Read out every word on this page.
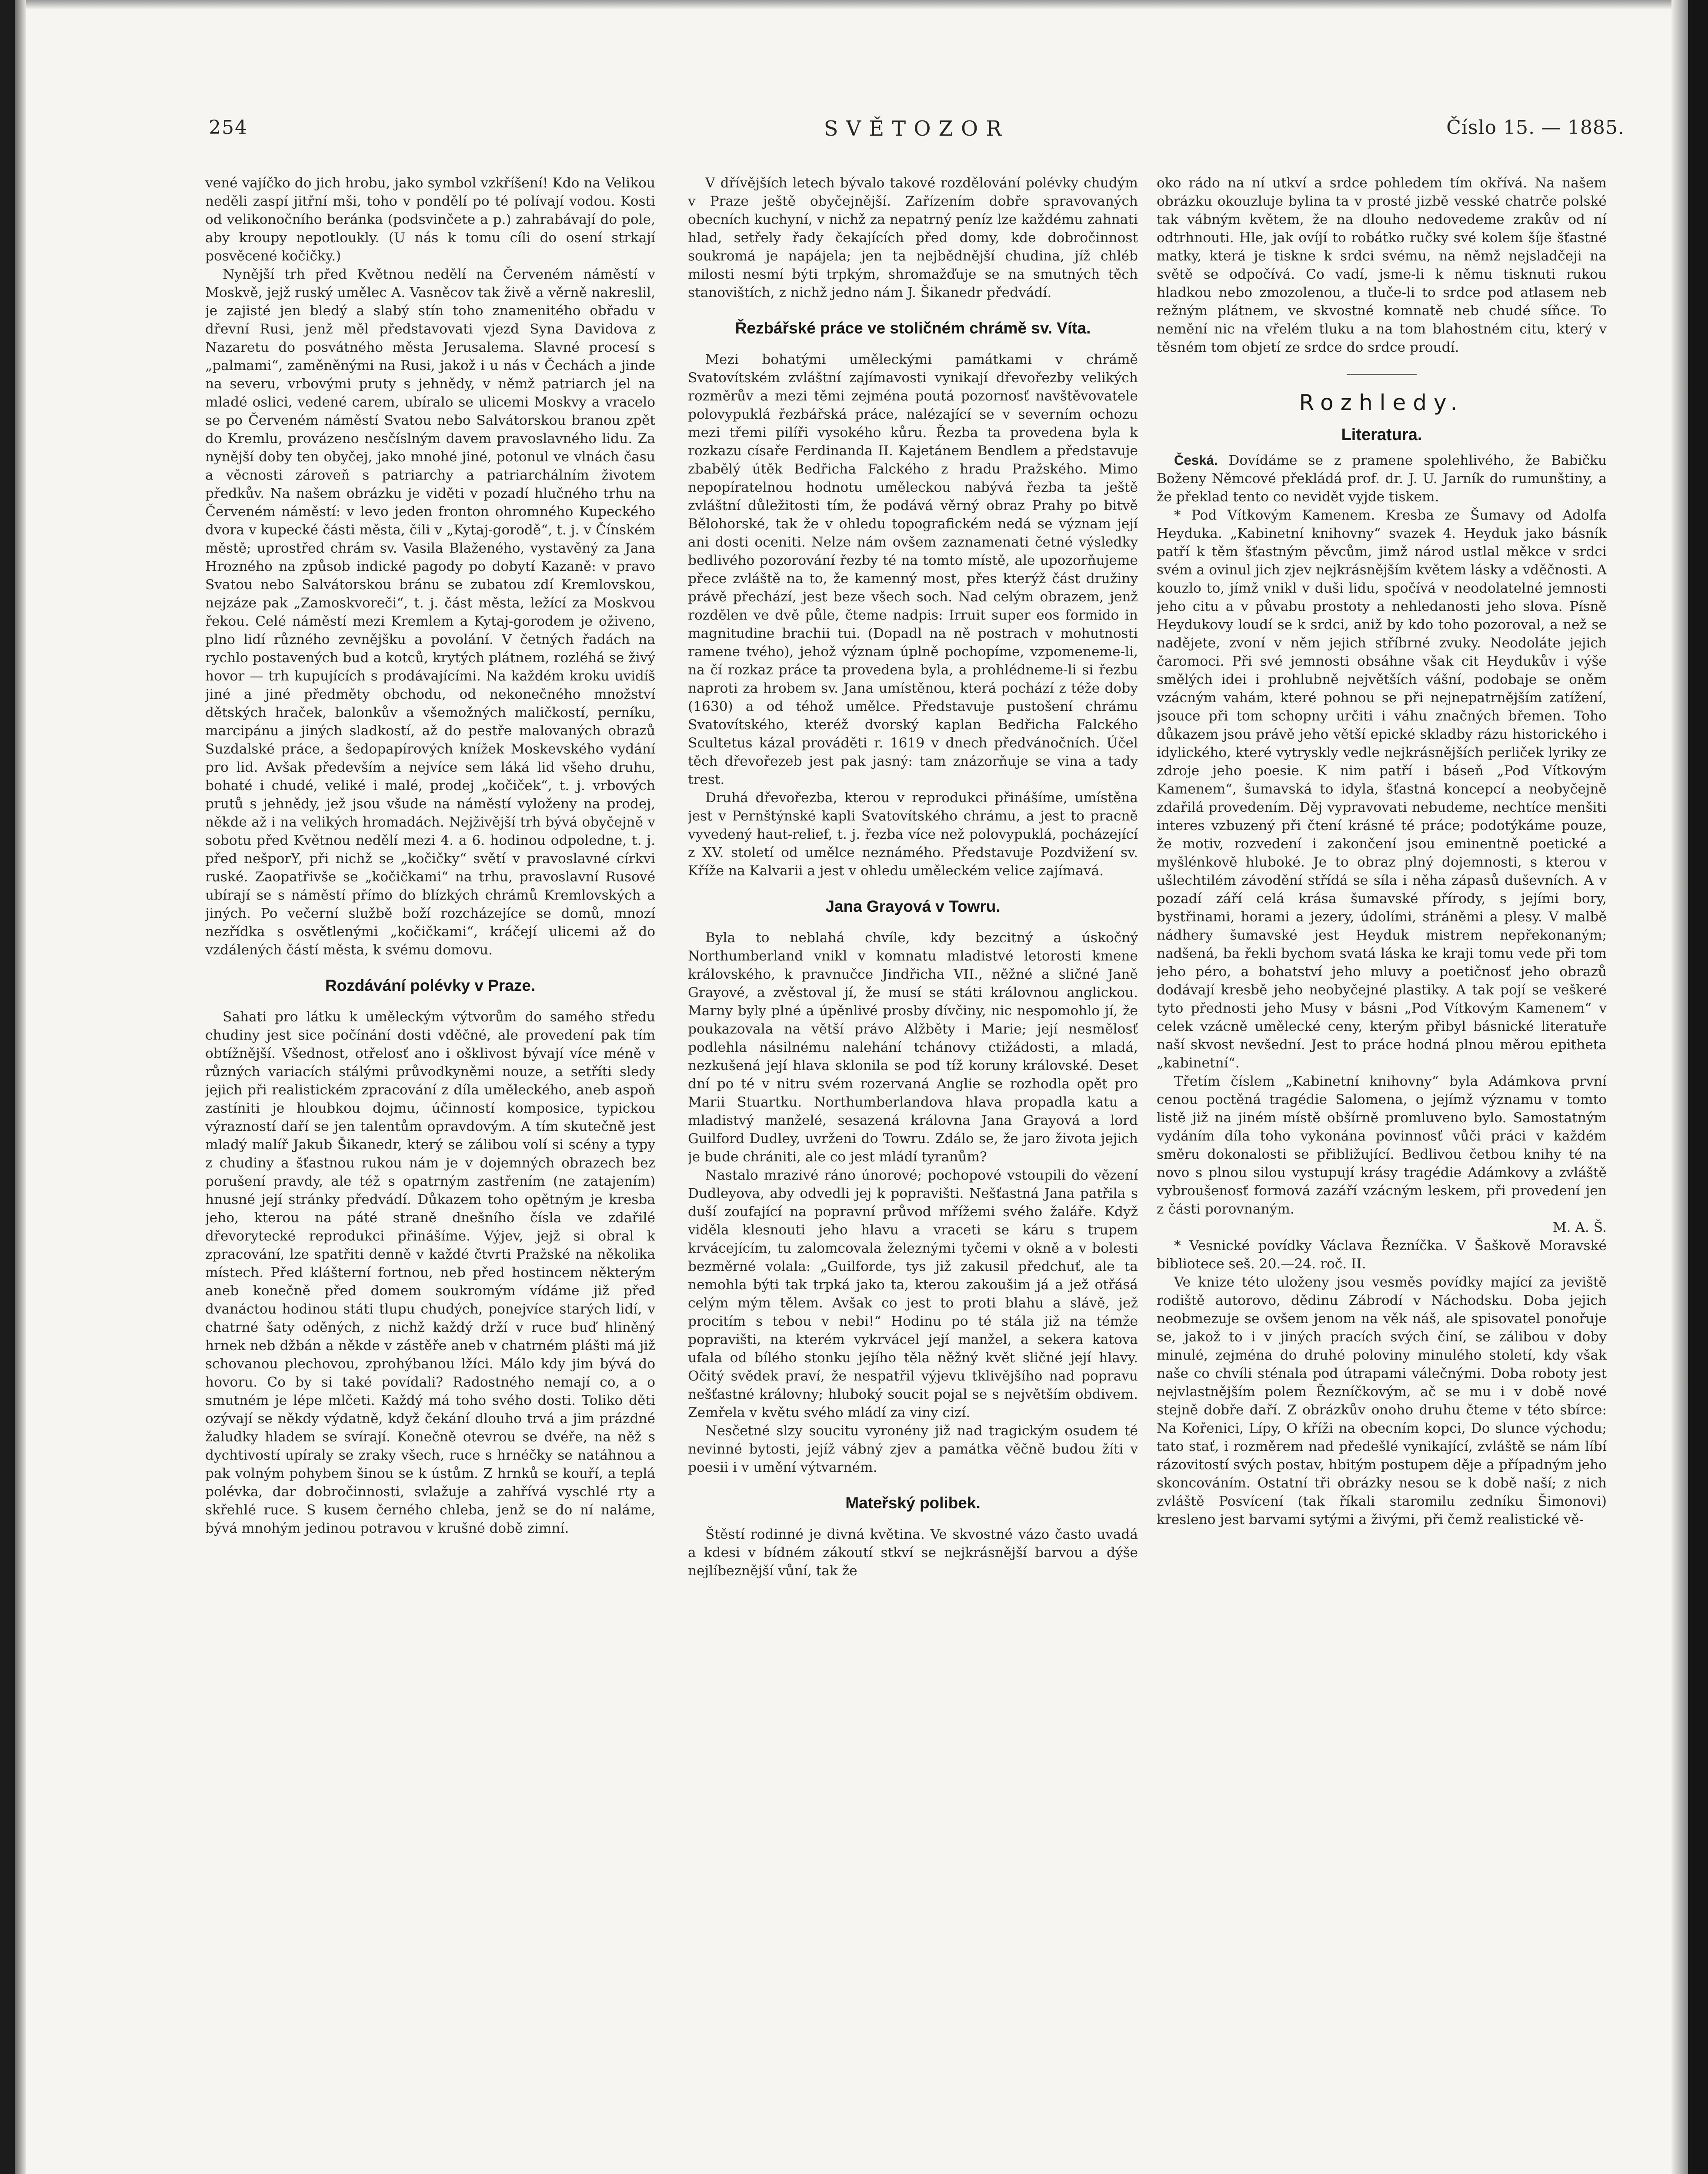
254	SVĚTOZOR	Číslo 15. — 1885.

vené vajíčko do jich hrobu, jako symbol vzkříšení! Kdo na Velikou neděli zaspí jitřní mši, toho v pondělí po té polívají vodou. Kosti od velikonočního beránka (podsvinčete a p.) zahrabávají do pole, aby kroupy nepotloukly. (U nás k tomu cíli do osení strkají posvěcené kočičky.)

Nynější trh před Květnou nedělí na Červeném náměstí v Moskvě, jejž ruský umělec A. Vasněcov tak živě a věrně nakreslil, je zajisté jen bledý a slabý stín toho znamenitého obřadu v dřevní Rusi, jenž měl představovati vjezd Syna Davidova z Nazaretu do posvátného města Jerusalema. Slavné procesí s „palmami“, zaměněnými na Rusi, jakož i u nás v Čechách a jinde na severu, vrbovými pruty s jehnědy, v němž patriarch jel na mladé oslici, vedené carem, ubíralo se ulicemi Moskvy a vracelo se po Červeném náměstí Svatou nebo Salvátorskou branou zpět do Kremlu, provázeno nesčíslným davem pravoslavného lidu. Za nynější doby ten obyčej, jako mnohé jiné, potonul ve vlnách času a věcnosti zároveň s patriarchy a patriarchálním životem předkův. Na našem obrázku je viděti v pozadí hlučného trhu na Červeném náměstí: v levo jeden fronton ohromného Kupeckého dvora v kupecké části města, čili v „Kytaj-gorodě“, t. j. v Čínském městě; uprostřed chrám sv. Vasila Blaženého, vystavěný za Jana Hrozného na způsob indické pagody po dobytí Kazaně: v pravo Svatou nebo Salvátorskou bránu se zubatou zdí Kremlovskou, nejzáze pak „Zamoskvoreči“, t. j. část města, ležící za Moskvou řekou. Celé náměstí mezi Kremlem a Kytaj-gorodem je oživeno, plno lidí různého zevnějšku a povolání. V četných řadách na rychlo postavených bud a kotců, krytých plátnem, rozléhá se živý hovor — trh kupujících s prodávajícími. Na každém kroku uvidíš jiné a jiné předměty obchodu, od nekonečného množství dětských hraček, balonkův a všemožných maličkostí, perníku, marcipánu a jiných sladkostí, až do pestře malovaných obrazů Suzdalské práce, a šedopapírových knížek Moskevského vydání pro lid. Avšak především a nejvíce sem láká lid všeho druhu, bohaté i chudé, veliké i malé, prodej „kočiček“, t. j. vrbových prutů s jehnědy, jež jsou všude na náměstí vyloženy na prodej, někde až i na velikých hromadách. Nejživější trh bývá obyčejně v sobotu před Květnou nedělí mezi 4. a 6. hodinou odpoledne, t. j. před nešporY, při nichž se „kočičky“ světí v pravoslavné církvi ruské. Zaopatřivše se „kočičkami“ na trhu, pravoslavní Rusové ubírají se s náměstí přímo do blízkých chrámů Kremlovských a jiných. Po večerní službě boží rozcházejíce se domů, mnozí nezřídka s osvětlenými „kočičkami“, kráčejí ulicemi až do vzdálených částí města, k svému domovu.

Rozdávání polévky v Praze.

Sahati pro látku k uměleckým výtvorům do samého středu chudiny jest sice počínání dosti vděčné, ale provedení pak tím obtížnější. Všednost, otřelosť ano i ošklivost bývají více méně v různých variacích stálými průvodkyněmi nouze, a setříti sledy jejich při realistickém zpracování z díla uměleckého, aneb aspoň zastíniti je hloubkou dojmu, účinností komposice, typickou výrazností daří se jen talentům opravdovým. A tím skutečně jest mladý malíř Jakub Šikanedr, který se zálibou volí si scény a typy z chudiny a šťastnou rukou nám je v dojemných obrazech bez porušení pravdy, ale též s opatrným zastřením (ne zatajením) hnusné její stránky předvádí. Důkazem toho opětným je kresba jeho, kterou na páté straně dnešního čísla ve zdařilé dřevorytecké reprodukci přinášíme. Výjev, jejž si obral k zpracování, lze spatřiti denně v každé čtvrti Pražské na několika místech. Před klášterní fortnou, neb před hostincem některým aneb konečně před domem soukromým vídáme již před dvanáctou hodinou státi tlupu chudých, ponejvíce starých lidí, v chatrné šaty oděných, z nichž každý drží v ruce buď hliněný hrnek neb džbán a někde v zástěře aneb v chatrném plášti má již schovanou plechovou, zprohýbanou lžíci. Málo kdy jim bývá do hovoru. Co by si také povídali? Radostného nemají co, a o smutném je lépe mlčeti. Každý má toho svého dosti. Toliko děti ozývají se někdy výdatně, když čekání dlouho trvá a jim prázdné žaludky hladem se svírají. Konečně otevrou se dvéře, na něž s dychtivostí upíraly se zraky všech, ruce s hrnéčky se natáhnou a pak volným pohybem šinou se k ústům. Z hrnků se kouří, a teplá polévka, dar dobročinnosti, svlažuje a zahřívá vyschlé rty a skřehlé ruce. S kusem černého chleba, jenž se do ní naláme, bývá mnohým jedinou potravou v krušné době zimní.

V dřívějších letech bývalo takové rozdělování polévky chudým v Praze ještě obyčejnější. Zařízením dobře spravovaných obecních kuchyní, v nichž za nepatrný peníz lze každému zahnati hlad, setřely řady čekajících před domy, kde dobročinnost soukromá je napájela; jen ta nejbědnější chudina, jíž chléb milosti nesmí býti trpkým, shromažďuje se na smutných těch stanovištích, z nichž jedno nám J. Šikanedr předvádí.

Řezbářské práce ve stoličném chrámě sv. Víta.

Mezi bohatými uměleckými památkami v chrámě Svatovítském zvláštní zajímavosti vynikají dřevořezby velikých rozměrův a mezi těmi zejména poutá pozornosť navštěvovatele polovypuklá řezbářská práce, nalézající se v severním ochozu mezi třemi pilíři vysokého kůru. Řezba ta provedena byla k rozkazu císaře Ferdinanda II. Kajetánem Bendlem a představuje zbabělý útěk Bedřicha Falckého z hradu Pražského. Mimo nepopíratelnou hodnotu uměleckou nabývá řezba ta ještě zvláštní důležitosti tím, že podává věrný obraz Prahy po bitvě Bělohorské, tak že v ohledu topografickém nedá se význam její ani dosti oceniti. Nelze nám ovšem zaznamenati četné výsledky bedlivého pozorování řezby té na tomto místě, ale upozorňujeme přece zvláště na to, že kamenný most, přes kterýž část družiny právě přechází, jest beze všech soch. Nad celým obrazem, jenž rozdělen ve dvě půle, čteme nadpis: Irruit super eos formido in magnitudine brachii tui. (Dopadl na ně postrach v mohutnosti ramene tvého), jehož význam úplně pochopíme, vzpomeneme-li, na čí rozkaz práce ta provedena byla, a prohlédneme-li si řezbu naproti za hrobem sv. Jana umístěnou, která pochází z téže doby (1630) a od téhož umělce. Představuje pustošení chrámu Svatovítského, kteréž dvorský kaplan Bedřicha Falckého Scultetus kázal prováděti r. 1619 v dnech předvánočních. Účel těch dřevořezeb jest pak jasný: tam znázorňuje se vina a tady trest.

Druhá dřevořezba, kterou v reprodukci přinášíme, umístěna jest v Pernštýnské kapli Svatovítského chrámu, a jest to pracně vyvedený haut-relief, t. j. řezba více než polovypuklá, pocházející z XV. století od umělce neznámého. Představuje Pozdvižení sv. Kříže na Kalvarii a jest v ohledu uměleckém velice zajímavá.

Jana Grayová v Towru.

Byla to neblahá chvíle, kdy bezcitný a úskočný Northumberland vnikl v komnatu mladistvé letorosti kmene královského, k pravnučce Jindřicha VII., něžné a sličné Janě Grayové, a zvěstoval jí, že musí se státi královnou anglickou. Marny byly plné a úpěnlivé prosby dívčiny, nic nespomohlo jí, že poukazovala na větší právo Alžběty i Marie; její nesmělosť podlehla násilnému nalehání tchánovy ctižádosti, a mladá, nezkušená její hlava sklonila se pod tíž koruny královské. Deset dní po té v nitru svém rozervaná Anglie se rozhodla opět pro Marii Stuartku. Northumberlandova hlava propadla katu a mladistvý manželé, sesazená královna Jana Grayová a lord Guilford Dudley, uvrženi do Towru. Zdálo se, že jaro života jejich je bude chrániti, ale co jest mládí tyranům?

Nastalo mrazivé ráno únorové; pochopové vstoupili do vězení Dudleyova, aby odvedli jej k popravišti. Nešťastná Jana patřila s duší zoufající na popravní průvod mřížemi svého žaláře. Když viděla klesnouti jeho hlavu a vraceti se káru s trupem krvácejícím, tu zalomcovala železnými tyčemi v okně a v bolesti bezměrné volala: „Guilforde, tys již zakusil předchuť, ale ta nemohla býti tak trpká jako ta, kterou zakoušim já a jež otřásá celým mým tělem. Avšak co jest to proti blahu a slávě, jež procitím s tebou v nebi!“ Hodinu po té stála již na témže popravišti, na kterém vykrvácel její manžel, a sekera katova ufala od bílého stonku jejího těla něžný květ sličné její hlavy. Očitý svědek praví, že nespatřil výjevu tklivějšího nad popravu nešťastné královny; hluboký soucit pojal se s největším obdivem. Zemřela v květu svého mládí za viny cizí.

Nesčetné slzy soucitu vyronény již nad tragickým osudem té nevinné bytosti, jejíž vábný zjev a památka věčně budou žíti v poesii i v umění výtvarném.

Mateřský polibek.

Štěstí rodinné je divná květina. Ve skvostné vázo často uvadá a kdesi v bídném zákoutí stkví se nejkrásnější barvou a dýše nejlíbeznější vůní, tak že

oko rádo na ní utkví a srdce pohledem tím okřívá. Na našem obrázku okouzluje bylina ta v prosté jizbě vesské chatrče polské tak vábným květem, že na dlouho nedovedeme zrakův od ní odtrhnouti. Hle, jak ovíjí to robátko ručky své kolem šíje šťastné matky, která je tiskne k srdci svému, na němž nejsladčeji na světě se odpočívá. Co vadí, jsme-li k němu tisknuti rukou hladkou nebo zmozolenou, a tluče-li to srdce pod atlasem neb režným plátnem, ve skvostné komnatě neb chudé síňce. To nemění nic na vřelém tluku a na tom blahostném citu, který v těsném tom objetí ze srdce do srdce proudí.

Rozhledy.
Literatura.

Česká. Dovídáme se z pramene spolehlivého, že Babičku Boženy Němcové překládá prof. dr. J. U. Jarník do rumunštiny, a že překlad tento co nevidět vyjde tiskem.

* Pod Vítkovým Kamenem. Kresba ze Šumavy od Adolfa Heyduka. „Kabinetní knihovny“ svazek 4. Heyduk jako básník patří k těm šťastným pěvcům, jimž národ ustlal měkce v srdci svém a ovinul jich zjev nejkrásnějším květem lásky a vděčnosti. A kouzlo to, jímž vnikl v duši lidu, spočívá v neodolatelné jemnosti jeho citu a v půvabu prostoty a nehledanosti jeho slova. Písně Heydukovy loudí se k srdci, aniž by kdo toho pozoroval, a než se nadějete, zvoní v něm jejich stříbrné zvuky. Neodoláte jejich čaromoci. Při své jemnosti obsáhne však cit Heydukův i výše smělých idei i prohlubně největších vášní, podobaje se oněm vzácným vahám, které pohnou se při nejnepatrnějším zatížení, jsouce při tom schopny určiti i váhu značných břemen. Toho důkazem jsou právě jeho větší epické skladby rázu historického i idylického, které vytryskly vedle nejkrásnějších perliček lyriky ze zdroje jeho poesie. K nim patří i báseň „Pod Vítkovým Kamenem“, šumavská to idyla, šťastná koncepcí a neobyčejně zdařilá provedením. Děj vypravovati nebudeme, nechtíce menšiti interes vzbuzený při čtení krásné té práce; podotýkáme pouze, že motiv, rozvedení i zakončení jsou eminentně poetické a myšlénkově hluboké. Je to obraz plný dojemnosti, s kterou v ušlechtilém závodění střídá se síla i něha zápasů duševních. A v pozadí září celá krása šumavské přírody, s jejími bory, bystřinami, horami a jezery, údolími, stráněmi a plesy. V malbě nádhery šumavské jest Heyduk mistrem nepřekonaným; nadšená, ba řekli bychom svatá láska ke kraji tomu vede při tom jeho péro, a bohatství jeho mluvy a poetičnosť jeho obrazů dodávají kresbě jeho neobyčejné plastiky. A tak pojí se veškeré tyto přednosti jeho Musy v básni „Pod Vítkovým Kamenem“ v celek vzácně umělecké ceny, kterým přibyl básnické literatuře naší skvost nevšední. Jest to práce hodná plnou měrou epitheta „kabinetní“.

Třetím číslem „Kabinetní knihovny“ byla Adámkova první cenou poctěná tragédie Salomena, o jejímž významu v tomto listě již na jiném místě obšírně promluveno bylo. Samostatným vydáním díla toho vykonána povinnosť vůči práci v každém směru dokonalosti se přibližující. Bedlivou četbou knihy té na novo s plnou silou vystupují krásy tragédie Adámkovy a zvláště vybroušenosť formová zazáří vzácným leskem, při provedení jen z části porovnaným.

M. A. Š.

* Vesnické povídky Václava Řezníčka. V Šaškově Moravské bibliotece seš. 20.—24. roč. II.

Ve knize této uloženy jsou vesměs povídky mající za jeviště rodiště autorovo, dědinu Zábrodí v Náchodsku. Doba jejich neobmezuje se ovšem jenom na věk náš, ale spisovatel ponořuje se, jakož to i v jiných pracích svých činí, se zálibou v doby minulé, zejména do druhé poloviny minulého století, kdy však naše co chvíli sténala pod útrapami válečnými. Doba roboty jest nejvlastnějším polem Řezníčkovým, ač se mu i v době nové stejně dobře daří. Z obrázkův onoho druhu čteme v této sbírce: Na Kořenici, Lípy, O kříži na obecním kopci, Do slunce východu; tato stať, i rozměrem nad předešlé vynikající, zvláště se nám líbí rázovitostí svých postav, hbitým postupem děje a případným jeho skoncováním. Ostatní tři obrázky nesou se k době naší; z nich zvláště Posvícení (tak říkali staromilu zedníku Šimonovi) kresleno jest barvami sytými a živými, při čemž realistické vě-
